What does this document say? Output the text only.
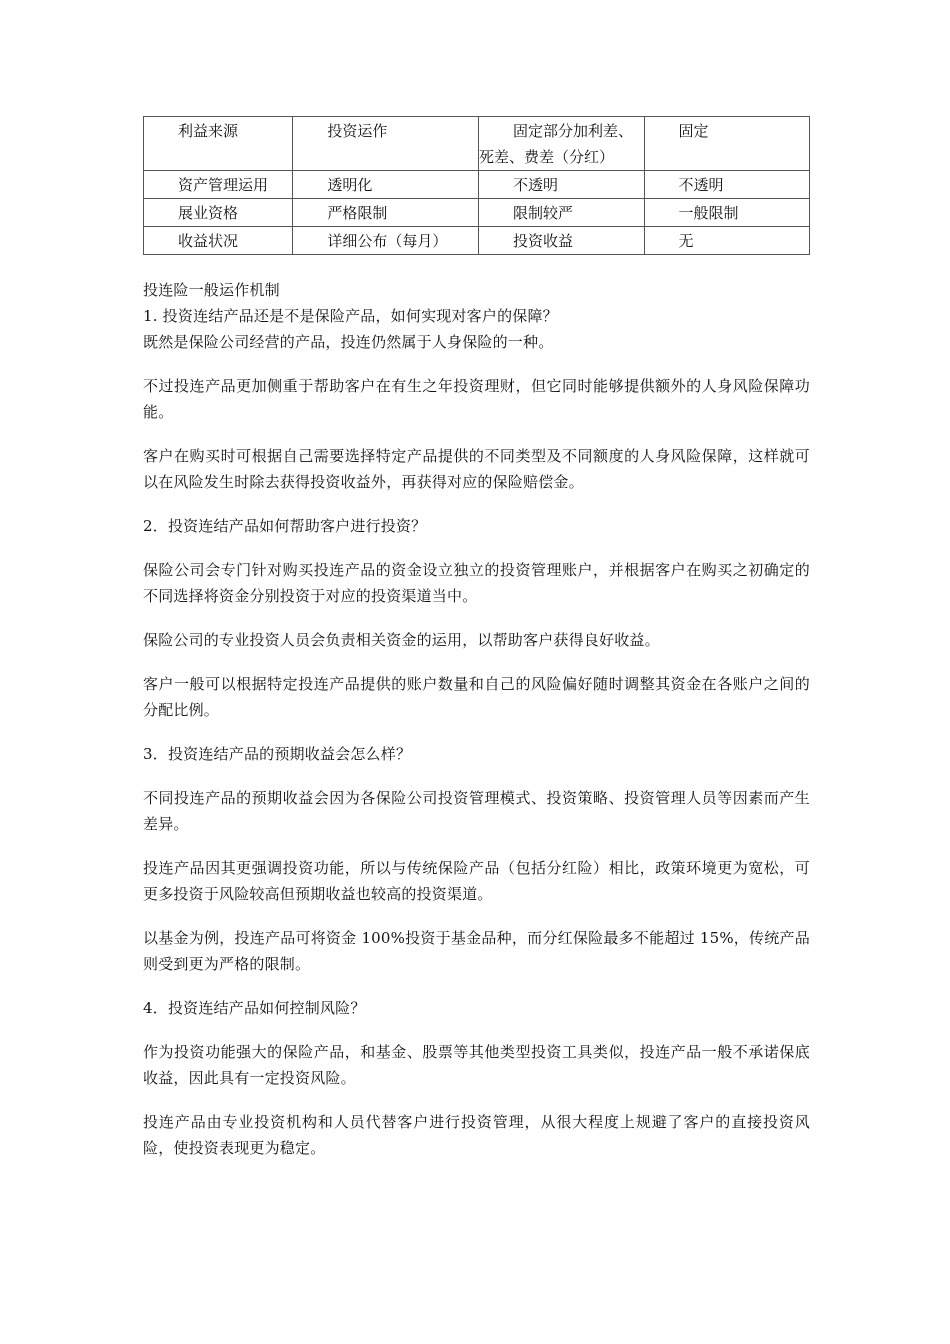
利益来源	投资运作	固定部分加利差、死差、费差（分红）	固定

资产管理运用	透明化	不透明	不透明

展业资格	严格限制	限制较严	一般限制

收益状况	详细公布（每月）	投资收益	无

投连险一般运作机制

1. 投资连结产品还是不是保险产品，如何实现对客户的保障？

既然是保险公司经营的产品，投连仍然属于人身保险的一种。

不过投连产品更加侧重于帮助客户在有生之年投资理财，但它同时能够提供额外的人身风险保障功能。

客户在购买时可根据自己需要选择特定产品提供的不同类型及不同额度的人身风险保障，这样就可以在风险发生时除去获得投资收益外，再获得对应的保险赔偿金。

2．投资连结产品如何帮助客户进行投资？

保险公司会专门针对购买投连产品的资金设立独立的投资管理账户，并根据客户在购买之初确定的不同选择将资金分别投资于对应的投资渠道当中。

保险公司的专业投资人员会负责相关资金的运用，以帮助客户获得良好收益。

客户一般可以根据特定投连产品提供的账户数量和自己的风险偏好随时调整其资金在各账户之间的分配比例。

3．投资连结产品的预期收益会怎么样？

不同投连产品的预期收益会因为各保险公司投资管理模式、投资策略、投资管理人员等因素而产生差异。

投连产品因其更强调投资功能，所以与传统保险产品（包括分红险）相比，政策环境更为宽松，可更多投资于风险较高但预期收益也较高的投资渠道。

以基金为例，投连产品可将资金 100%投资于基金品种，而分红保险最多不能超过 15%，传统产品则受到更为严格的限制。

4．投资连结产品如何控制风险？

作为投资功能强大的保险产品，和基金、股票等其他类型投资工具类似，投连产品一般不承诺保底收益，因此具有一定投资风险。

投连产品由专业投资机构和人员代替客户进行投资管理，从很大程度上规避了客户的直接投资风险，使投资表现更为稳定。
